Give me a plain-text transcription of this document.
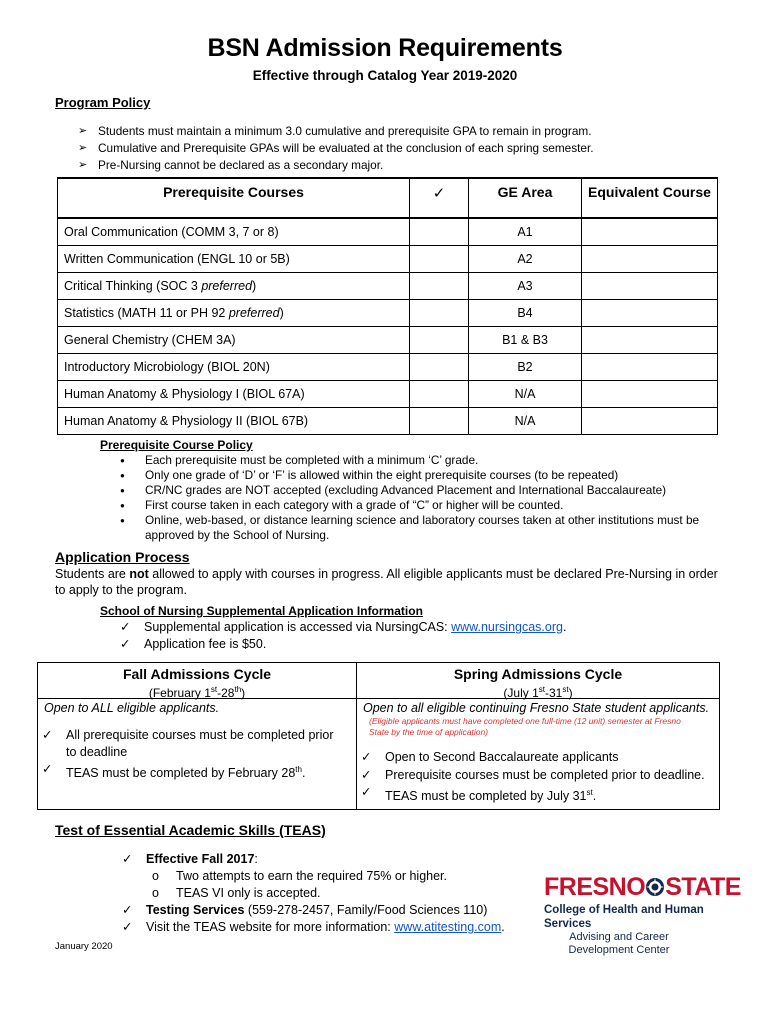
BSN Admission Requirements
Effective through Catalog Year 2019-2020
Program Policy
➢ Students must maintain a minimum 3.0 cumulative and prerequisite GPA to remain in program.
➢ Cumulative and Prerequisite GPAs will be evaluated at the conclusion of each spring semester.
➢ Pre-Nursing cannot be declared as a secondary major.
Prerequisite Courses	✓	GE Area	Equivalent Course
Oral Communication (COMM 3, 7 or 8)		A1	
Written Communication (ENGL 10 or 5B)		A2	
Critical Thinking (SOC 3 preferred)		A3	
Statistics (MATH 11 or PH 92 preferred)		B4	
General Chemistry (CHEM 3A)		B1 & B3	
Introductory Microbiology (BIOL 20N)		B2	
Human Anatomy & Physiology I (BIOL 67A)		N/A	
Human Anatomy & Physiology II (BIOL 67B)		N/A	
Prerequisite Course Policy
● Each prerequisite must be completed with a minimum ‘C’ grade.
● Only one grade of ‘D’ or ‘F’ is allowed within the eight prerequisite courses (to be repeated)
● CR/NC grades are NOT accepted (excluding Advanced Placement and International Baccalaureate)
● First course taken in each category with a grade of “C” or higher will be counted.
● Online, web-based, or distance learning science and laboratory courses taken at other institutions must be approved by the School of Nursing.
Application Process
Students are not allowed to apply with courses in progress. All eligible applicants must be declared Pre-Nursing in order to apply to the program.
School of Nursing Supplemental Application Information
✓ Supplemental application is accessed via NursingCAS: www.nursingcas.org.
✓ Application fee is $50.
Fall Admissions Cycle
(February 1st-28th)
Open to ALL eligible applicants.
✓ All prerequisite courses must be completed prior to deadline
✓ TEAS must be completed by February 28th.
Spring Admissions Cycle
(July 1st-31st)
Open to all eligible continuing Fresno State student applicants.
(Eligible applicants must have completed one full-time (12 unit) semester at Fresno State by the time of application)
✓ Open to Second Baccalaureate applicants
✓ Prerequisite courses must be completed prior to deadline.
✓ TEAS must be completed by July 31st.
Test of Essential Academic Skills (TEAS)
✓ Effective Fall 2017:
o Two attempts to earn the required 75% or higher.
o TEAS VI only is accepted.
✓ Testing Services (559-278-2457, Family/Food Sciences 110)
✓ Visit the TEAS website for more information: www.atitesting.com.
January 2020
FRESNO STATE
College of Health and Human Services
Advising and Career
Development Center
